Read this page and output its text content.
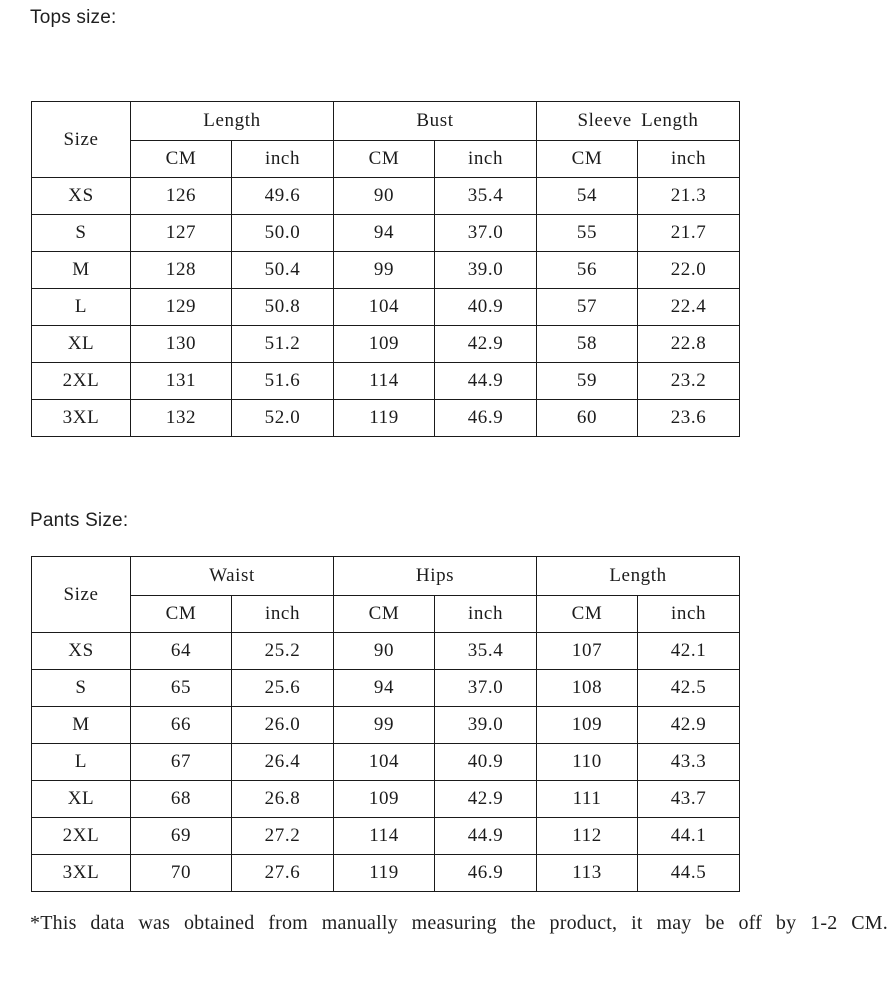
Tops size:
Size	Length		Bust		Sleeve Length	
	CM	inch	CM	inch	CM	inch
XS	126	49.6	90	35.4	54	21.3
S	127	50.0	94	37.0	55	21.7
M	128	50.4	99	39.0	56	22.0
L	129	50.8	104	40.9	57	22.4
XL	130	51.2	109	42.9	58	22.8
2XL	131	51.6	114	44.9	59	23.2
3XL	132	52.0	119	46.9	60	23.6
Pants Size:
Size	Waist		Hips		Length	
	CM	inch	CM	inch	CM	inch
XS	64	25.2	90	35.4	107	42.1
S	65	25.6	94	37.0	108	42.5
M	66	26.0	99	39.0	109	42.9
L	67	26.4	104	40.9	110	43.3
XL	68	26.8	109	42.9	111	43.7
2XL	69	27.2	114	44.9	112	44.1
3XL	70	27.6	119	46.9	113	44.5

*This data was obtained from manually measuring the product, it may be off by 1-2 CM.
